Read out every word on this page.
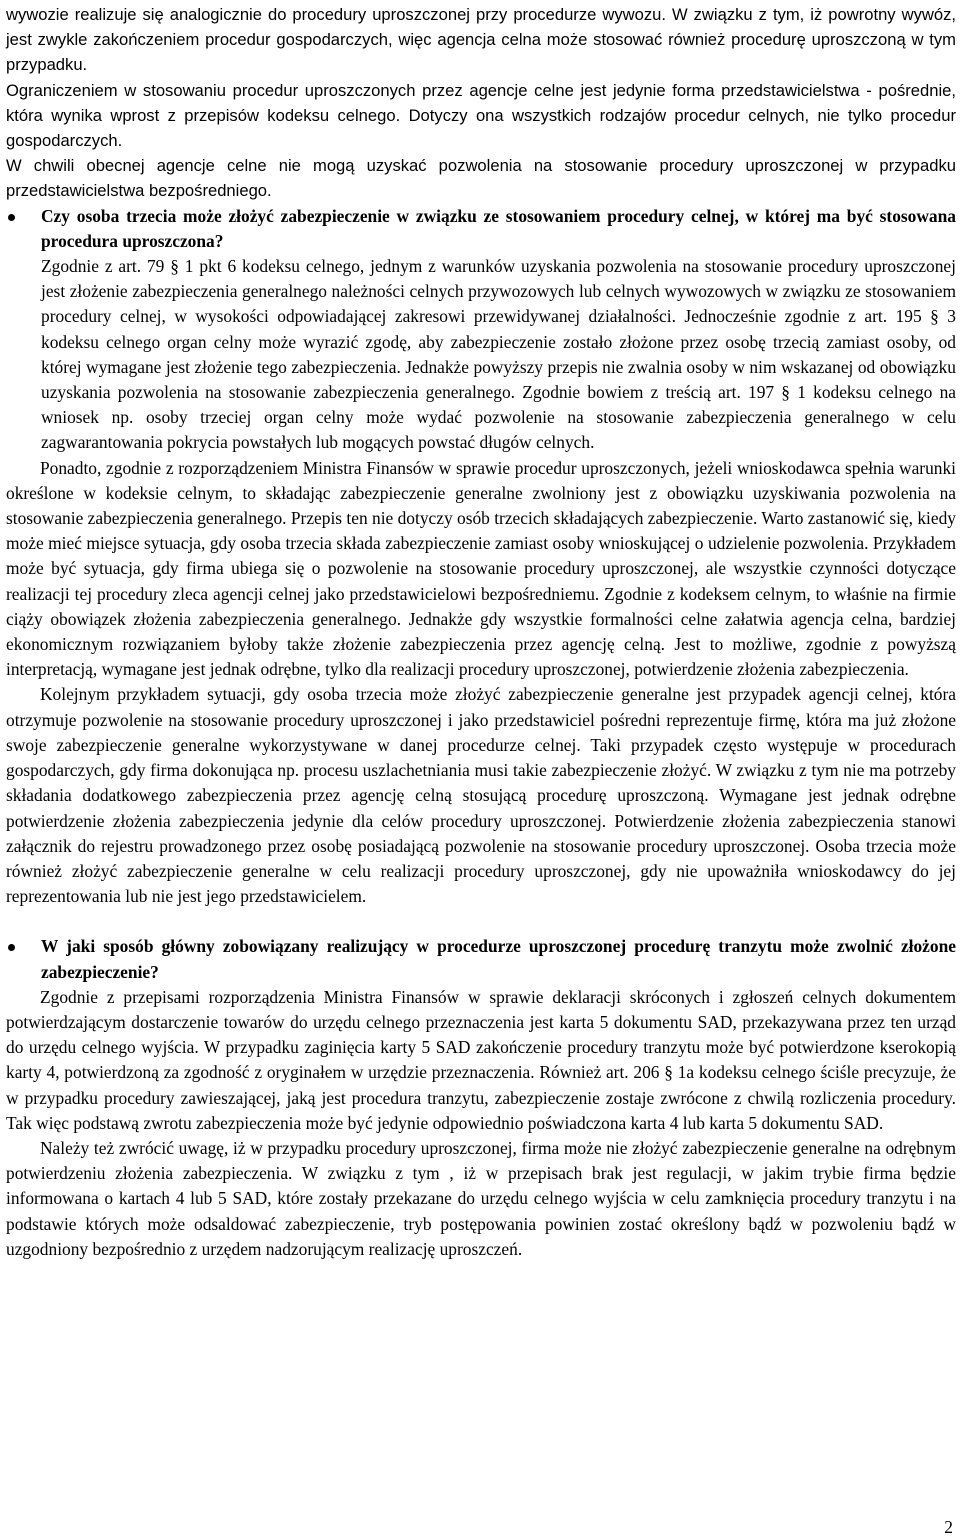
wywozie realizuje się analogicznie do procedury uproszczonej przy procedurze wywozu. W związku z tym, iż powrotny wywóz, jest zwykle zakończeniem procedur gospodarczych, więc agencja celna może stosować również procedurę uproszczoną w tym przypadku.

Ograniczeniem w stosowaniu procedur uproszczonych przez agencje celne jest jedynie forma przedstawicielstwa - pośrednie, która wynika wprost z przepisów kodeksu celnego. Dotyczy ona wszystkich rodzajów procedur celnych, nie tylko procedur gospodarczych.

W chwili obecnej agencje celne nie mogą uzyskać pozwolenia na stosowanie procedury uproszczonej w przypadku przedstawicielstwa bezpośredniego.

Czy osoba trzecia może złożyć zabezpieczenie w związku ze stosowaniem procedury celnej, w której ma być stosowana procedura uproszczona?

Zgodnie z art. 79 § 1 pkt 6 kodeksu celnego, jednym z warunków uzyskania pozwolenia na stosowanie procedury uproszczonej jest złożenie zabezpieczenia generalnego należności celnych przywozowych lub celnych wywozowych w związku ze stosowaniem procedury celnej, w wysokości odpowiadającej zakresowi przewidywanej działalności. Jednocześnie zgodnie z art. 195 § 3 kodeksu celnego organ celny może wyrazić zgodę, aby zabezpieczenie zostało złożone przez osobę trzecią zamiast osoby, od której wymagane jest złożenie tego zabezpieczenia. Jednakże powyższy przepis nie zwalnia osoby w nim wskazanej od obowiązku uzyskania pozwolenia na stosowanie zabezpieczenia generalnego. Zgodnie bowiem z treścią art. 197 § 1 kodeksu celnego na wniosek np. osoby trzeciej organ celny może wydać pozwolenie na stosowanie zabezpieczenia generalnego w celu zagwarantowania pokrycia powstałych lub mogących powstać długów celnych.

Ponadto, zgodnie z rozporządzeniem Ministra Finansów w sprawie procedur uproszczonych, jeżeli wnioskodawca spełnia warunki określone w kodeksie celnym, to składając zabezpieczenie generalne zwolniony jest z obowiązku uzyskiwania pozwolenia na stosowanie zabezpieczenia generalnego. Przepis ten nie dotyczy osób trzecich składających zabezpieczenie. Warto zastanowić się, kiedy może mieć miejsce sytuacja, gdy osoba trzecia składa zabezpieczenie zamiast osoby wnioskującej o udzielenie pozwolenia. Przykładem może być sytuacja, gdy firma ubiega się o pozwolenie na stosowanie procedury uproszczonej, ale wszystkie czynności dotyczące realizacji tej procedury zleca agencji celnej jako przedstawicielowi bezpośredniemu. Zgodnie z kodeksem celnym, to właśnie na firmie ciąży obowiązek złożenia zabezpieczenia generalnego. Jednakże gdy wszystkie formalności celne załatwia agencja celna, bardziej ekonomicznym rozwiązaniem byłoby także złożenie zabezpieczenia przez agencję celną. Jest to możliwe, zgodnie z powyższą interpretacją, wymagane jest jednak odrębne, tylko dla realizacji procedury uproszczonej, potwierdzenie złożenia zabezpieczenia.

Kolejnym przykładem sytuacji, gdy osoba trzecia może złożyć zabezpieczenie generalne jest przypadek agencji celnej, która otrzymuje pozwolenie na stosowanie procedury uproszczonej i jako przedstawiciel pośredni reprezentuje firmę, która ma już złożone swoje zabezpieczenie generalne wykorzystywane w danej procedurze celnej. Taki przypadek często występuje w procedurach gospodarczych, gdy firma dokonująca np. procesu uszlachetniania musi takie zabezpieczenie złożyć. W związku z tym nie ma potrzeby składania dodatkowego zabezpieczenia przez agencję celną stosującą procedurę uproszczoną. Wymagane jest jednak odrębne potwierdzenie złożenia zabezpieczenia jedynie dla celów procedury uproszczonej. Potwierdzenie złożenia zabezpieczenia stanowi załącznik do rejestru prowadzonego przez osobę posiadającą pozwolenie na stosowanie procedury uproszczonej. Osoba trzecia może również złożyć zabezpieczenie generalne w celu realizacji procedury uproszczonej, gdy nie upoważniła wnioskodawcy do jej reprezentowania lub nie jest jego przedstawicielem.

W jaki sposób główny zobowiązany realizujący w procedurze uproszczonej procedurę tranzytu może zwolnić złożone zabezpieczenie?

Zgodnie z przepisami rozporządzenia Ministra Finansów w sprawie deklaracji skróconych i zgłoszeń celnych dokumentem potwierdzającym dostarczenie towarów do urzędu celnego przeznaczenia jest karta 5 dokumentu SAD, przekazywana przez ten urząd do urzędu celnego wyjścia. W przypadku zaginięcia karty 5 SAD zakończenie procedury tranzytu może być potwierdzone kserokopią karty 4, potwierdzoną za zgodność z oryginałem w urzędzie przeznaczenia. Również art. 206 § 1a kodeksu celnego ściśle precyzuje, że w przypadku procedury zawieszającej, jaką jest procedura tranzytu, zabezpieczenie zostaje zwrócone z chwilą rozliczenia procedury. Tak więc podstawą zwrotu zabezpieczenia może być jedynie odpowiednio poświadczona karta 4 lub karta 5 dokumentu SAD.

Należy też zwrócić uwagę, iż w przypadku procedury uproszczonej, firma może nie złożyć zabezpieczenie generalne na odrębnym potwierdzeniu złożenia zabezpieczenia. W związku z tym , iż w przepisach brak jest regulacji, w jakim trybie firma będzie informowana o kartach 4 lub 5 SAD, które zostały przekazane do urzędu celnego wyjścia w celu zamknięcia procedury tranzytu i na podstawie których może odsaldować zabezpieczenie, tryb postępowania powinien zostać określony bądź w pozwoleniu bądź w uzgodniony bezpośrednio z urzędem nadzorującym realizację uproszczeń.

2
